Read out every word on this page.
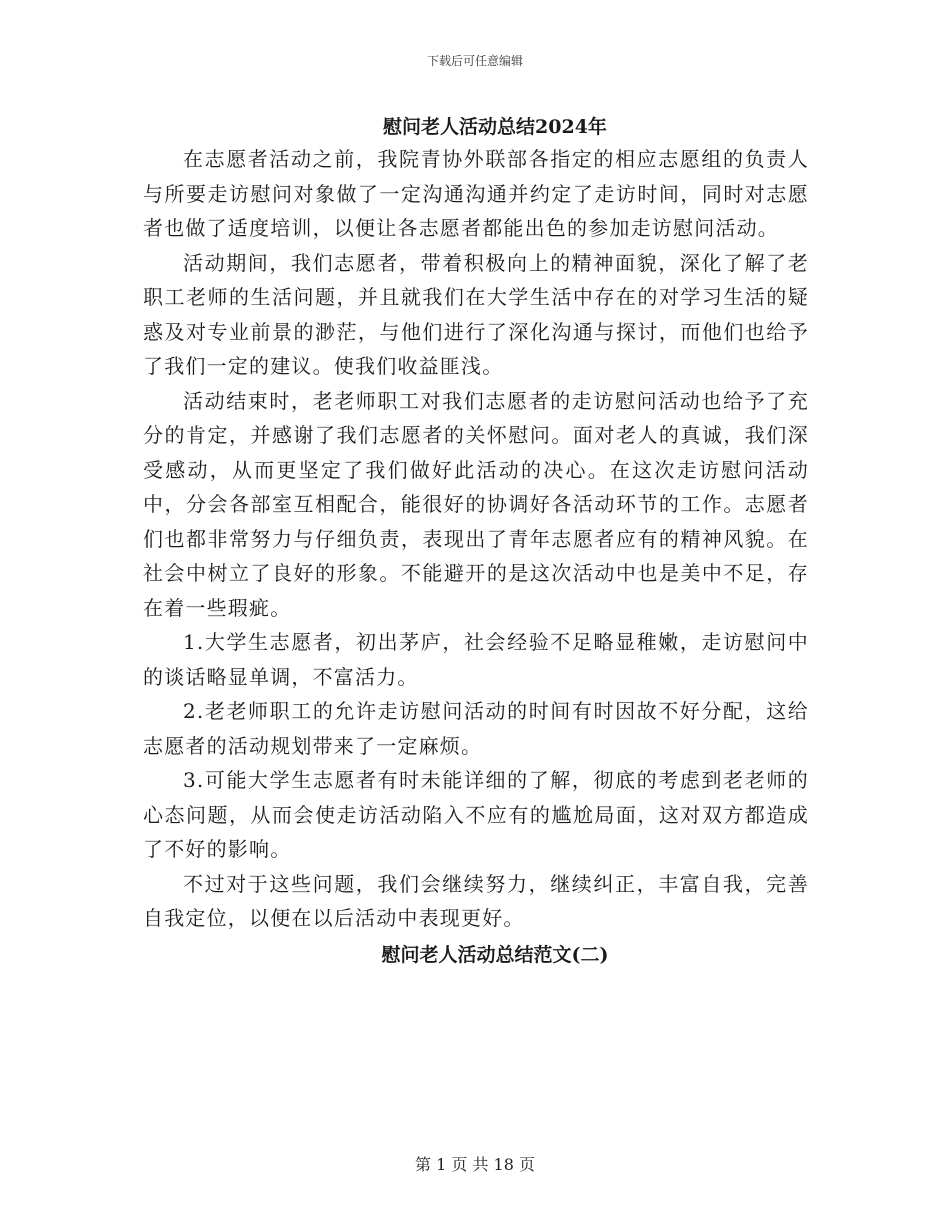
下载后可任意编辑
慰问老人活动总结2024年

在志愿者活动之前，我院青协外联部各指定的相应志愿组的负责人与所要走访慰问对象做了一定沟通沟通并约定了走访时间，同时对志愿者也做了适度培训，以便让各志愿者都能出色的参加走访慰问活动。

活动期间，我们志愿者，带着积极向上的精神面貌，深化了解了老职工老师的生活问题，并且就我们在大学生活中存在的对学习生活的疑惑及对专业前景的渺茫，与他们进行了深化沟通与探讨，而他们也给予了我们一定的建议。使我们收益匪浅。

活动结束时，老老师职工对我们志愿者的走访慰问活动也给予了充分的肯定，并感谢了我们志愿者的关怀慰问。面对老人的真诚，我们深受感动，从而更坚定了我们做好此活动的决心。在这次走访慰问活动中，分会各部室互相配合，能很好的协调好各活动环节的工作。志愿者们也都非常努力与仔细负责，表现出了青年志愿者应有的精神风貌。在社会中树立了良好的形象。不能避开的是这次活动中也是美中不足，存在着一些瑕疵。

1.大学生志愿者，初出茅庐，社会经验不足略显稚嫩，走访慰问中的谈话略显单调，不富活力。

2.老老师职工的允许走访慰问活动的时间有时因故不好分配，这给志愿者的活动规划带来了一定麻烦。

3.可能大学生志愿者有时未能详细的了解，彻底的考虑到老老师的心态问题，从而会使走访活动陷入不应有的尴尬局面，这对双方都造成了不好的影响。

不过对于这些问题，我们会继续努力，继续纠正，丰富自我，完善自我定位，以便在以后活动中表现更好。

慰问老人活动总结范文(二)
第 1 页 共 18 页
